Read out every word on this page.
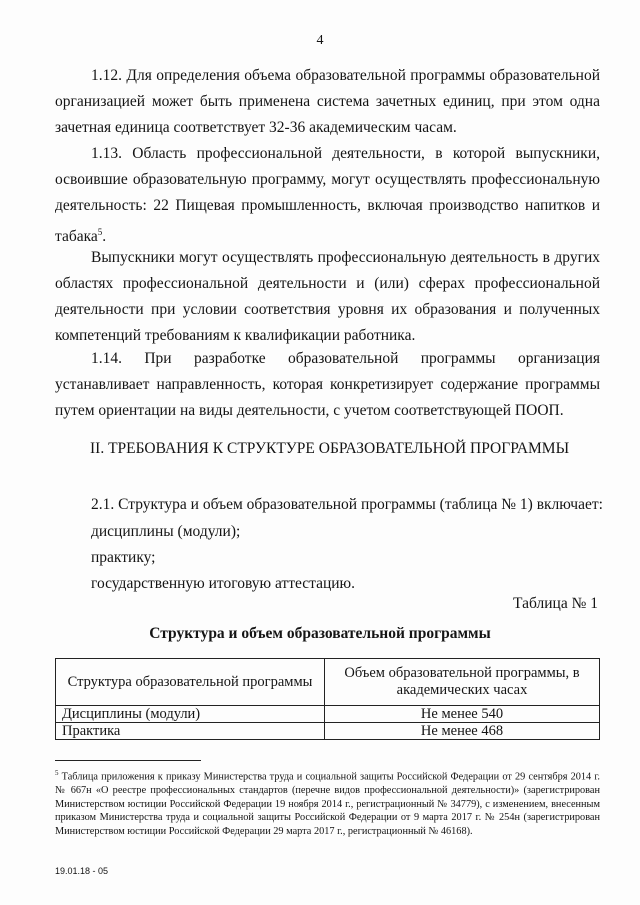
4
1.12. Для определения объема образовательной программы образовательной организацией может быть применена система зачетных единиц, при этом одна зачетная единица соответствует 32-36 академическим часам.
1.13. Область профессиональной деятельности, в которой выпускники, освоившие образовательную программу, могут осуществлять профессиональную деятельность: 22 Пищевая промышленность, включая производство напитков и табака$^5$.
Выпускники могут осуществлять профессиональную деятельность в других областях профессиональной деятельности и (или) сферах профессиональной деятельности при условии соответствия уровня их образования и полученных компетенций требованиям к квалификации работника.
1.14. При разработке образовательной программы организация устанавливает направленность, которая конкретизирует содержание программы путем ориентации на виды деятельности, с учетом соответствующей ПООП.
II. ТРЕБОВАНИЯ К СТРУКТУРЕ ОБРАЗОВАТЕЛЬНОЙ ПРОГРАММЫ
2.1. Структура и объем образовательной программы (таблица № 1) включает:
дисциплины (модули);
практику;
государственную итоговую аттестацию.
Таблица № 1
Структура и объем образовательной программы
Структура образовательной программы	Объем образовательной программы, в академических часах
Дисциплины (модули)	Не менее 540
Практика	Не менее 468
$^5$ Таблица приложения к приказу Министерства труда и социальной защиты Российской Федерации от 29 сентября 2014 г. № 667н «О реестре профессиональных стандартов (перечне видов профессиональной деятельности)» (зарегистрирован Министерством юстиции Российской Федерации 19 ноября 2014 г., регистрационный № 34779), с изменением, внесенным приказом Министерства труда и социальной защиты Российской Федерации от 9 марта 2017 г. № 254н (зарегистрирован Министерством юстиции Российской Федерации 29 марта 2017 г., регистрационный № 46168).
19.01.18 - 05
